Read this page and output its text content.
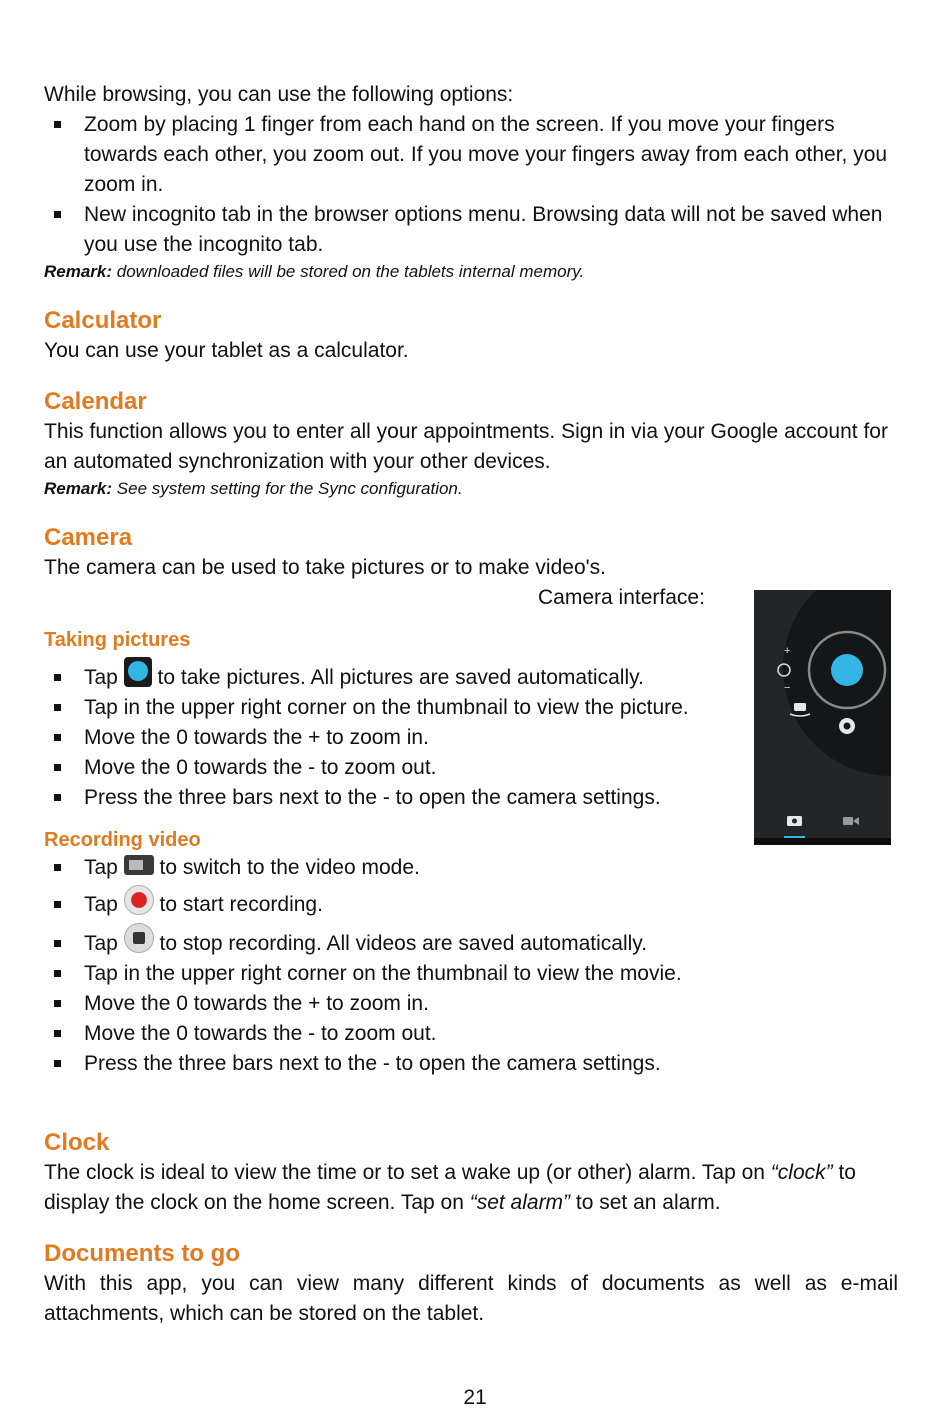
While browsing, you can use the following options:

Zoom by placing 1 finger from each hand on the screen. If you move your fingers towards each other, you zoom out. If you move your fingers away from each other, you zoom in.
New incognito tab in the browser options menu. Browsing data will not be saved when you use the incognito tab.

Remark: downloaded files will be stored on the tablets internal memory.

Calculator

You can use your tablet as a calculator.

Calendar

This function allows you to enter all your appointments. Sign in via your Google account for an automated synchronization with your other devices.

Remark: See system setting for the Sync configuration.

Camera

The camera can be used to take pictures or to make video's.

Camera interface:

Taking pictures
Tap  to take pictures. All pictures are saved automatically.
Tap in the upper right corner on the thumbnail to view the picture.
Move the 0 towards the + to zoom in.
Move the 0 towards the - to zoom out.
Press the three bars next to the - to open the camera settings.
Recording video
Tap  to switch to the video mode.
Tap  to start recording.
Tap  to stop recording. All videos are saved automatically.
Tap in the upper right corner on the thumbnail to view the movie.
Move the 0 towards the + to zoom in.
Move the 0 towards the - to zoom out.
Press the three bars next to the - to open the camera settings.
Clock

The clock is ideal to view the time or to set a wake up (or other) alarm. Tap on “clock” to display the clock on the home screen. Tap on “set alarm” to set an alarm.

Documents to go

With this app, you can view many different kinds of documents as well as e-mail attachments, which can be stored on the tablet.

+
−
21
